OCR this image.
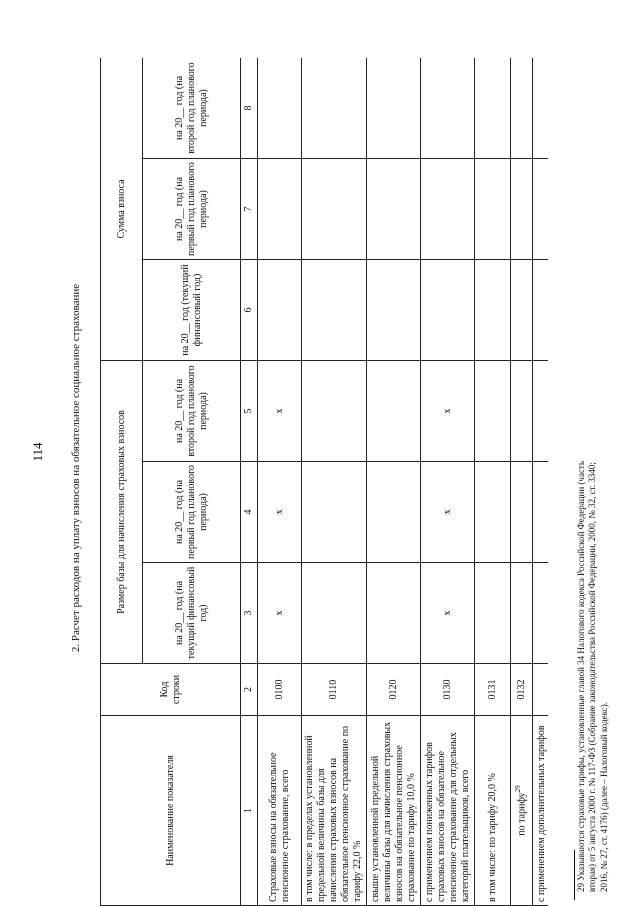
114 2. Расчет расходов на уплату взносов на обязательное социальное страхование
Наименование показателя	Код строки	Размер базы для начисления страховых взносов			Сумма взноса		
		на 20__ год (на текущий финансовый год)	на 20__ год (на первый год планового периода)	на 20__ год (на второй год планового периода)	на 20__ год (текущий финансовый год)	на 20__ год (на первый год планового периода)	на 20__ год (на второй год планового периода)
1	2	3	4	5	6	7	8
Страховые взносы на обязательное пенсионное страхование, всего	0100	х	х	х			
в том числе: в пределах установленной предельной величины базы для начисления страховых взносов на обязательное пенсионное страхование по тарифу 22,0 %	0110						
свыше установленной предельной величины базы для начисления страховых взносов на обязательное пенсионное страхование по тарифу 10,0 %	0120						
с применением пониженных тарифов страховых взносов на обязательное пенсионное страхование для отдельных категорий плательщиков, всего	0130	х	х	х			
в том числе: по тарифу 20,0 %	0131						
по тарифу$^{29}$	0132						
с применением дополнительных тарифов							
								29 Указываются страховые тарифы, установленные главой 34 Налогового кодекса Российской Федерации (часть вторая) от 5 августа 2000 г. № 117-ФЗ (Собрание законодательства Российской Федерации, 2000, № 32, ст. 3340; 2016, № 27, ст. 4176) (далее – Налоговый кодекс).
